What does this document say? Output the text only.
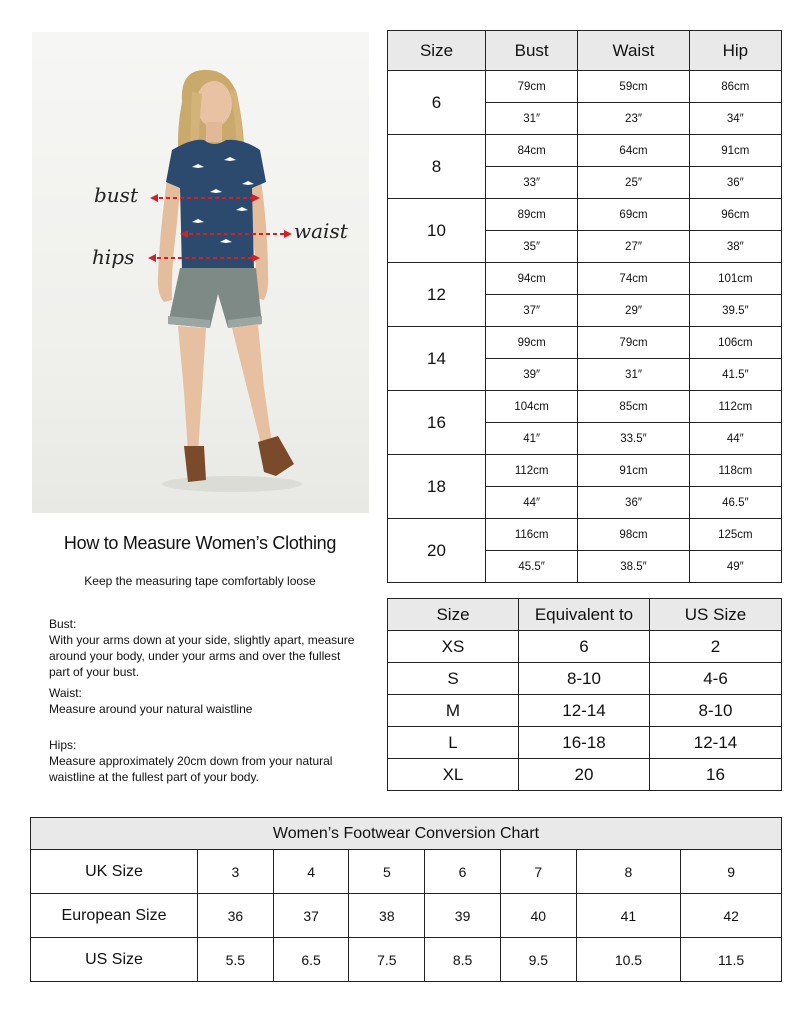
bust
waist
hips
Size	Bust	Waist	Hip
6	79cm	59cm	86cm
	31″	23″	34″
8	84cm	64cm	91cm
	33″	25″	36″
10	89cm	69cm	96cm
	35″	27″	38″
12	94cm	74cm	101cm
	37″	29″	39.5″
14	99cm	79cm	106cm
	39″	31″	41.5″
16	104cm	85cm	112cm
	41″	33.5″	44″
18	112cm	91cm	118cm
	44″	36″	46.5″
20	116cm	98cm	125cm
	45.5″	38.5″	49″
How to Measure Women’s Clothing
Keep the measuring tape comfortably loose
Bust:
With your arms down at your side, slightly apart, measure around your body, under your arms and over the fullest part of your bust.
Waist:
Measure around your natural waistline
Hips:
Measure approximately 20cm down from your natural waistline at the fullest part of your body.
Size	Equivalent to	US Size
XS	6	2
S	8-10	4-6
M	12-14	8-10
L	16-18	12-14
XL	20	16
Women’s Footwear Conversion Chart							
UK Size	3	4	5	6	7	8	9
European Size	36	37	38	39	40	41	42
US Size	5.5	6.5	7.5	8.5	9.5	10.5	11.5
